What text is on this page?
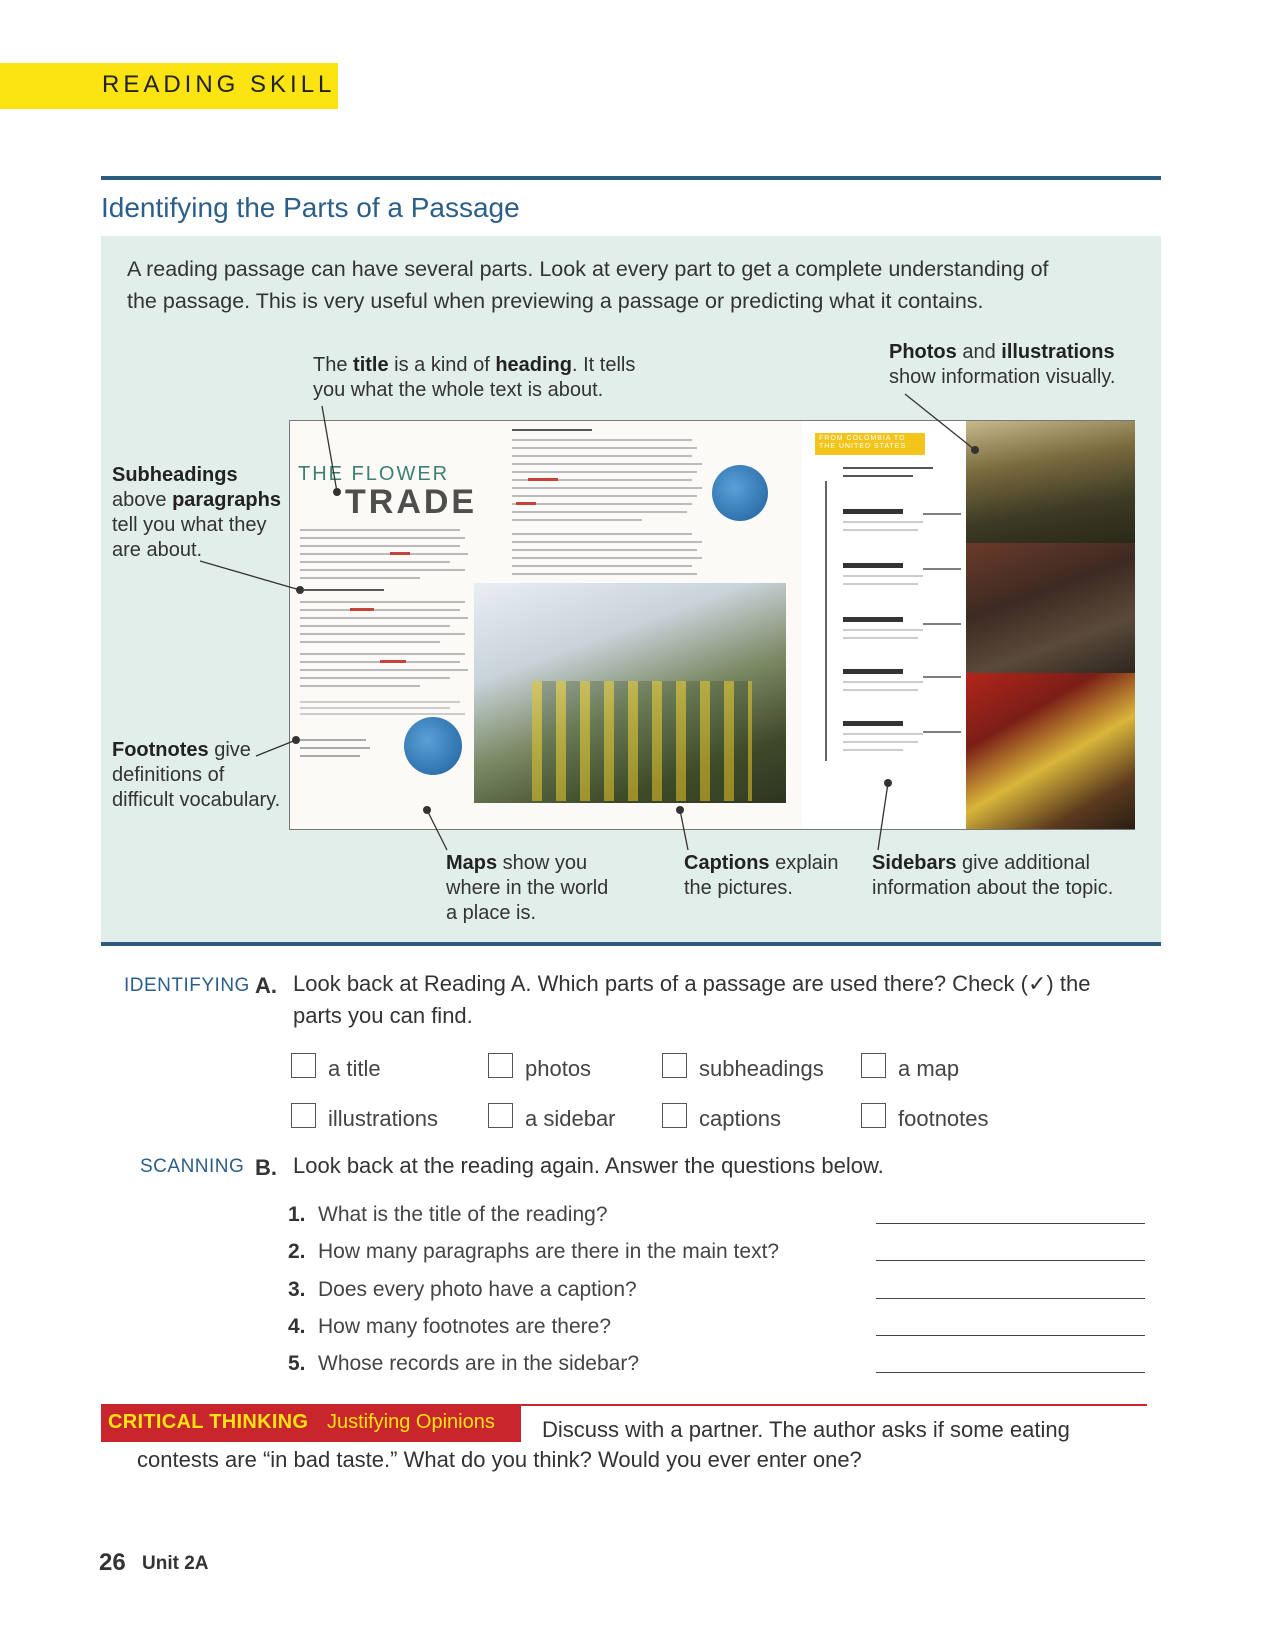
READING SKILL
Identifying the Parts of a Passage
A reading passage can have several parts. Look at every part to get a complete understanding of
the passage. This is very useful when previewing a passage or predicting what it contains.
The title is a kind of heading. It tells
you what the whole text is about.
Photos and illustrations
show information visually.
Subheadings
above paragraphs
tell you what they
are about.
Footnotes give
definitions of
difficult vocabulary.
Maps show you
where in the world
a place is.
Captions explain
the pictures.
Sidebars give additional
information about the topic.
THE FLOWER
TRADE
FROM COLOMBIA TO THE UNITED STATES
IDENTIFYING A. Look back at Reading A. Which parts of a passage are used there? Check (✓) the
parts you can find.
a title	photos	subheadings	a map
illustrations	a sidebar	captions	footnotes
SCANNING B. Look back at the reading again. Answer the questions below.
1. What is the title of the reading?
2. How many paragraphs are there in the main text?
3. Does every photo have a caption?
4. How many footnotes are there?
5. Whose records are in the sidebar?
CRITICAL THINKING Justifying Opinions Discuss with a partner. The author asks if some eating
contests are “in bad taste.” What do you think? Would you ever enter one?
26 Unit 2A
